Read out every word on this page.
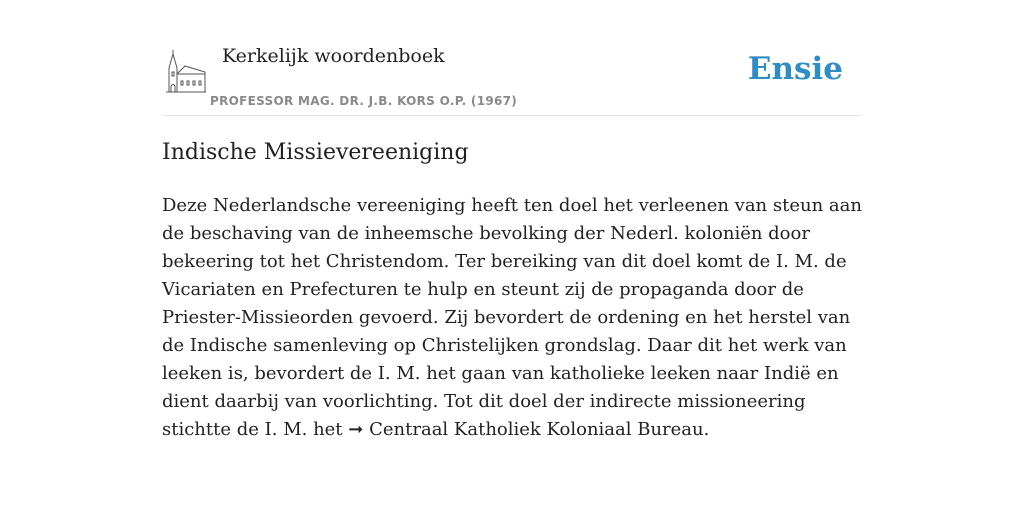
Kerkelijk woordenboek
PROFESSOR MAG. DR. J.B. KORS O.P. (1967)
Ensie
Indische Missievereeniging

Deze Nederlandsche vereeniging heeft ten doel het verleenen van steun aan de beschaving van de inheemsche bevolking der Nederl. koloniën door bekeering tot het Christendom. Ter bereiking van dit doel komt de I. M. de Vicariaten en Prefecturen te hulp en steunt zij de propaganda door de Priester-Missieorden gevoerd. Zij bevordert de ordening en het herstel van de Indische samenleving op Christelijken grondslag. Daar dit het werk van leeken is, bevordert de I. M. het gaan van katholieke leeken naar Indië en dient daarbij van voorlichting. Tot dit doel der indirecte missioneering stichtte de I. M. het ➞ Centraal Katholiek Koloniaal Bureau.
